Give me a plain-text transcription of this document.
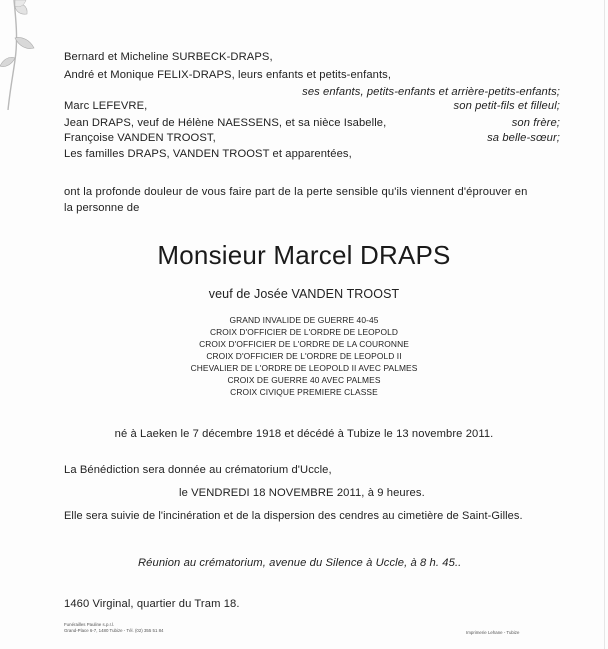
Bernard et Micheline SURBECK-DRAPS,
André et Monique FELIX-DRAPS, leurs enfants et petits-enfants,
ses enfants, petits-enfants et arrière-petits-enfants;
Marc LEFEVRE,	son petit-fils et filleul;
Jean DRAPS, veuf de Hélène NAESSENS, et sa nièce Isabelle,	son frère;
Françoise VANDEN TROOST,	sa belle-sœur;
Les familles DRAPS, VANDEN TROOST et apparentées,
ont la profonde douleur de vous faire part de la perte sensible qu'ils viennent d'éprouver en
la personne de
Monsieur Marcel DRAPS
veuf de Josée VANDEN TROOST
GRAND INVALIDE DE GUERRE 40-45
CROIX D'OFFICIER DE L'ORDRE DE LEOPOLD
CROIX D'OFFICIER DE L'ORDRE DE LA COURONNE
CROIX D'OFFICIER DE L'ORDRE DE LEOPOLD II
CHEVALIER DE L'ORDRE DE LEOPOLD II AVEC PALMES
CROIX DE GUERRE 40 AVEC PALMES
CROIX CIVIQUE PREMIERE CLASSE
né à Laeken le 7 décembre 1918 et décédé à Tubize le 13 novembre 2011.
La Bénédiction sera donnée au crématorium d'Uccle,
le VENDREDI 18 NOVEMBRE 2011, à 9 heures.
Elle sera suivie de l'incinération et de la dispersion des cendres au cimetière de Saint-Gilles.
Réunion au crématorium, avenue du Silence à Uccle, à 8 h. 45..
1460 Virginal, quartier du Tram 18.
Funérailles Pauline s.p.r.l.
Grand-Place 6-7, 1480 Tubize - Tél. (02) 355 51 84	Imprimerie Lehane - Tubize
